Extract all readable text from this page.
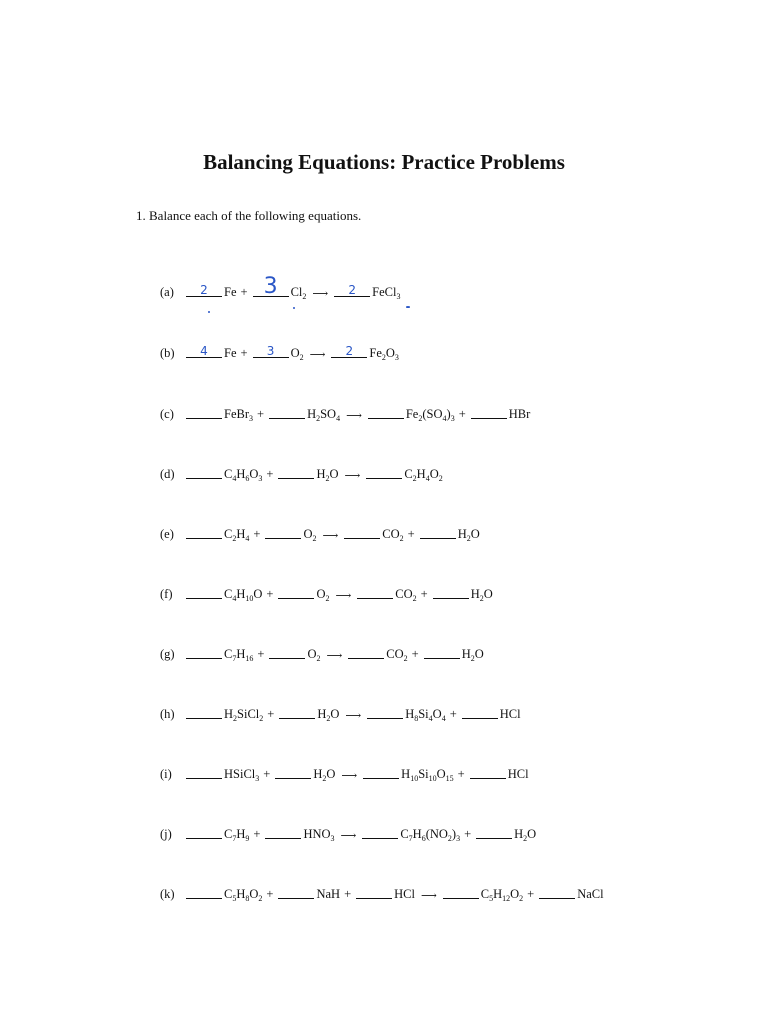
Balancing Equations: Practice Problems
1. Balance each of the following equations.
(a)	2	Fe + 3	$Cl_2$ ⟶	2	FeCl$_3$
(b)	4	Fe +	3	$O_2$ ⟶	2	$Fe_2O_3$
(c)	FeBr$_3$ +	$H_2SO_4$ ⟶	$Fe_2(SO_4)_3$ +	HBr
(d)	$C_4H_6O_3$ +	$H_2O$ ⟶	$C_2H_4O_2$
(e)	$C_2H_4$ +	$O_2$ ⟶	$CO_2$ +	$H_2O$
(f)	$C_4H_{10}O$ +	$O_2$ ⟶	$CO_2$ +	$H_2O$
(g)	$C_7H_{16}$ +	$O_2$ ⟶	$CO_2$ +	$H_2O$
(h)	$H_2SiCl_2$ +	$H_2O$ ⟶	$H_8Si_4O_4$ +	HCl
(i)	HSiCl$_3$ +	$H_2O$ ⟶	$H_{10}Si_{10}O_{15}$ +	HCl
(j)	$C_7H_9$ +	$HNO_3$ ⟶	$C_7H_6(NO_2)_3$ +	$H_2O$
(k)	$C_5H_8O_2$ +	NaH +	HCl ⟶	$C_5H_{12}O_2$ +	NaCl
